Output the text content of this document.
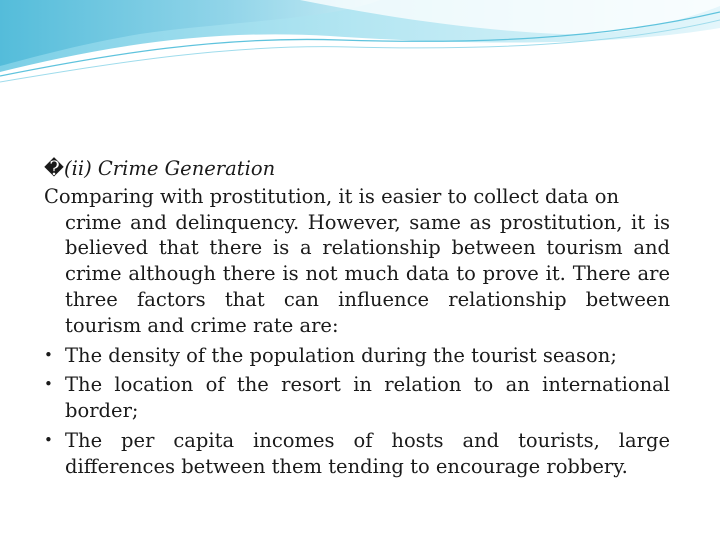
�(ii) Crime Generation

Comparing with prostitution, it is easier to collect data on
crime and delinquency. However, same as prostitution, it is believed that there is a relationship between tourism and crime although there is not much data to prove it. There are three factors that can influence relationship between tourism and crime rate are:

• The density of the population during the tourist season;
• The location of the resort in relation to an international border;
• The per capita incomes of hosts and tourists, large differences between them tending to encourage robbery.
